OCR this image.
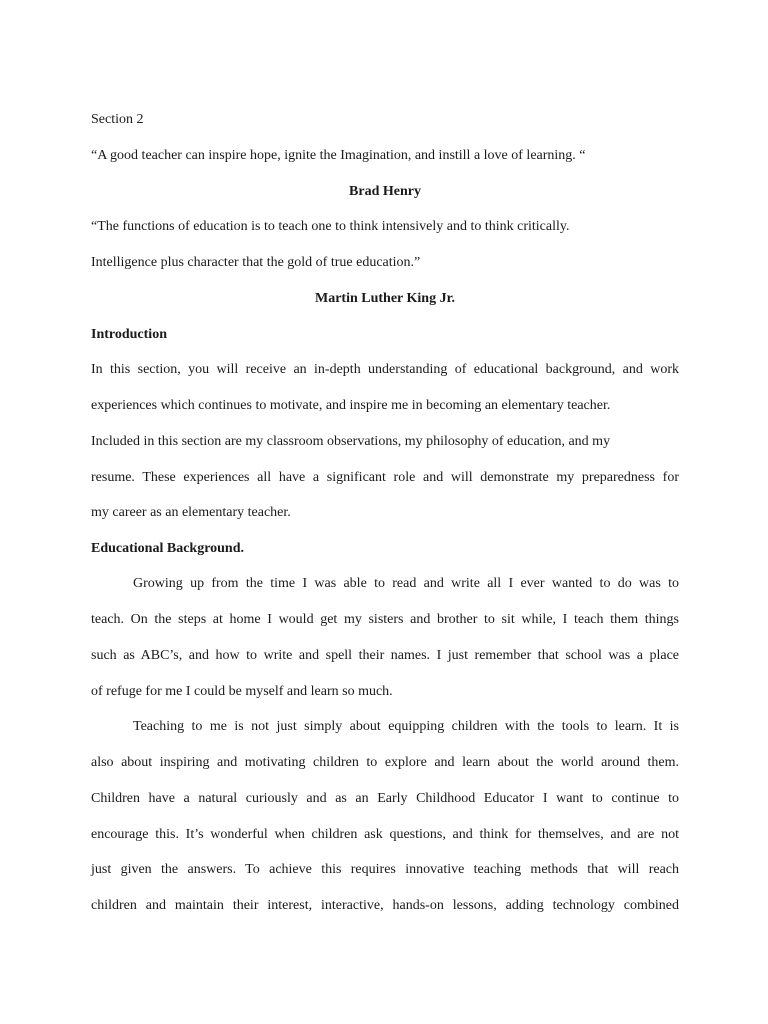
Section 2
“A good teacher can inspire hope, ignite the Imagination, and instill a love of learning. “
Brad Henry
“The functions of education is to teach one to think intensively and to think critically.
Intelligence plus character that the gold of true education.”
Martin Luther King Jr.
Introduction
In this section, you will receive an in-depth understanding of educational background, and work
experiences which continues to motivate, and inspire me in becoming an elementary teacher.
Included in this section are my classroom observations, my philosophy of education, and my
resume. These experiences all have a significant role and will demonstrate my preparedness for
my career as an elementary teacher.
Educational Background.
Growing up from the time I was able to read and write all I ever wanted to do was to
teach. On the steps at home I would get my sisters and brother to sit while, I teach them things
such as ABC’s, and how to write and spell their names. I just remember that school was a place
of refuge for me I could be myself and learn so much.
Teaching to me is not just simply about equipping children with the tools to learn. It is
also about inspiring and motivating children to explore and learn about the world around them.
Children have a natural curiously and as an Early Childhood Educator I want to continue to
encourage this. It’s wonderful when children ask questions, and think for themselves, and are not
just given the answers. To achieve this requires innovative teaching methods that will reach
children and maintain their interest, interactive, hands-on lessons, adding technology combined
